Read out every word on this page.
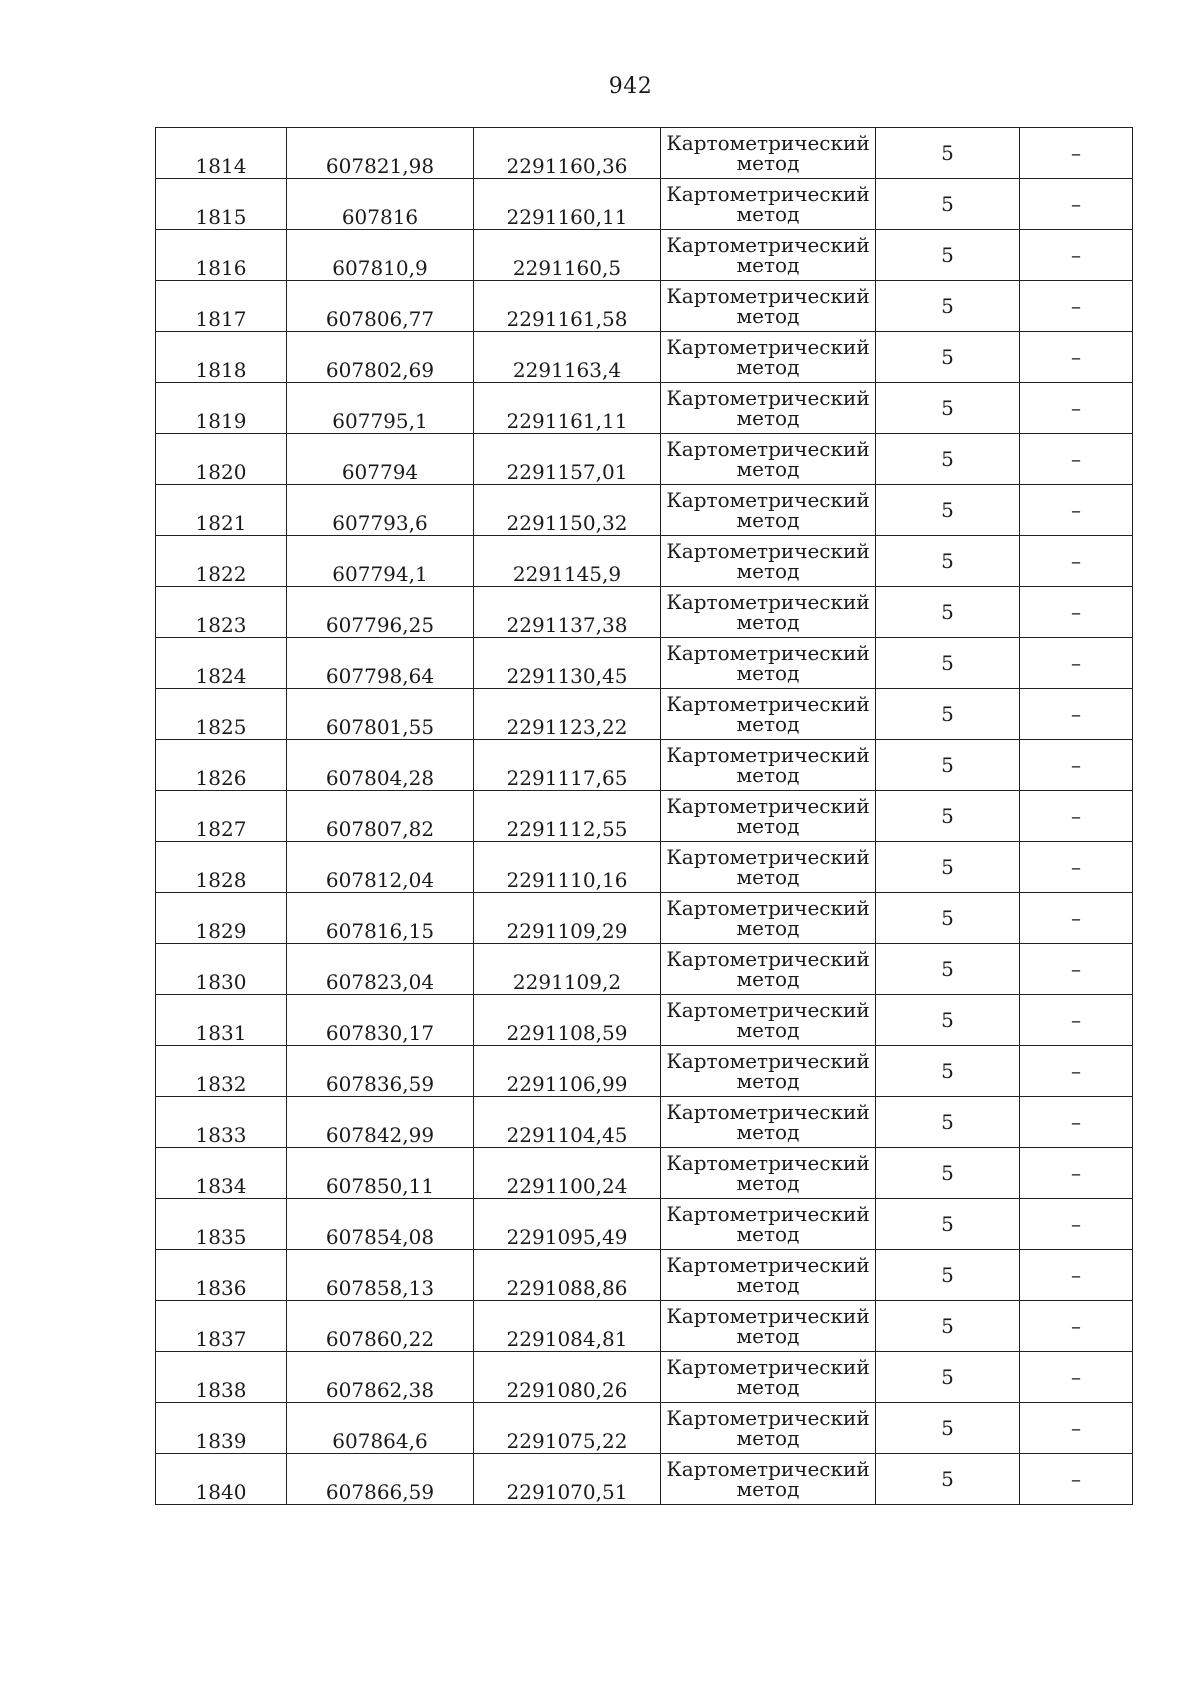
942
1814	607821,98	2291160,36	Картометрический
метод	5	–
1815	607816	2291160,11	Картометрический
метод	5	–
1816	607810,9	2291160,5	Картометрический
метод	5	–
1817	607806,77	2291161,58	Картометрический
метод	5	–
1818	607802,69	2291163,4	Картометрический
метод	5	–
1819	607795,1	2291161,11	Картометрический
метод	5	–
1820	607794	2291157,01	Картометрический
метод	5	–
1821	607793,6	2291150,32	Картометрический
метод	5	–
1822	607794,1	2291145,9	Картометрический
метод	5	–
1823	607796,25	2291137,38	Картометрический
метод	5	–
1824	607798,64	2291130,45	Картометрический
метод	5	–
1825	607801,55	2291123,22	Картометрический
метод	5	–
1826	607804,28	2291117,65	Картометрический
метод	5	–
1827	607807,82	2291112,55	Картометрический
метод	5	–
1828	607812,04	2291110,16	Картометрический
метод	5	–
1829	607816,15	2291109,29	Картометрический
метод	5	–
1830	607823,04	2291109,2	Картометрический
метод	5	–
1831	607830,17	2291108,59	Картометрический
метод	5	–
1832	607836,59	2291106,99	Картометрический
метод	5	–
1833	607842,99	2291104,45	Картометрический
метод	5	–
1834	607850,11	2291100,24	Картометрический
метод	5	–
1835	607854,08	2291095,49	Картометрический
метод	5	–
1836	607858,13	2291088,86	Картометрический
метод	5	–
1837	607860,22	2291084,81	Картометрический
метод	5	–
1838	607862,38	2291080,26	Картометрический
метод	5	–
1839	607864,6	2291075,22	Картометрический
метод	5	–
1840	607866,59	2291070,51	Картометрический
метод	5	–
